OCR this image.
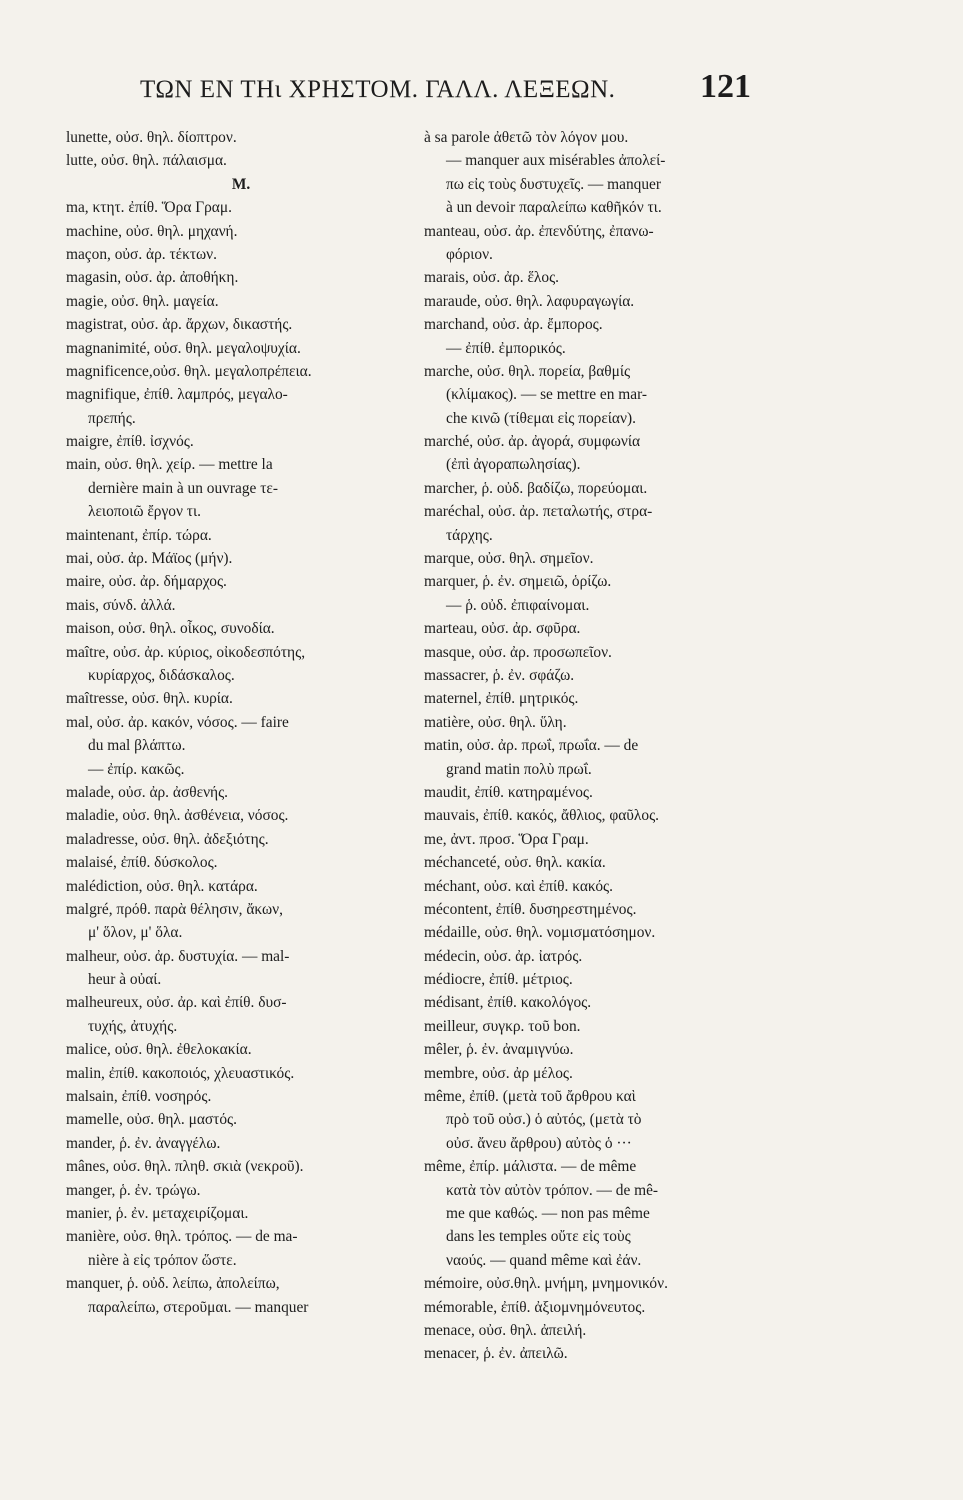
ΤΩΝ ΕΝ ΤΗι ΧΡΗΣΤΟΜ. ΓΑΛΛ. ΛΕΞΕΩΝ. 121
lunette, οὐσ. θηλ. δίοπτρον.
lutte, οὐσ. θηλ. πάλαισμα.
M.
ma, κτητ. ἐπίθ. Ὅρα Γραμ.
machine, οὐσ. θηλ. μηχανή.
maçon, οὐσ. ἀρ. τέκτων.
magasin, οὐσ. ἀρ. ἀποθήκη.
magie, οὐσ. θηλ. μαγεία.
magistrat, οὐσ. ἀρ. ἄρχων, δικαστής.
magnanimité, οὐσ. θηλ. μεγαλοψυχία.
magnificence,οὐσ. θηλ. μεγαλοπρέπεια.
magnifique, ἐπίθ. λαμπρός, μεγαλο-
πρεπής.
maigre, ἐπίθ. ἰσχνός.
main, οὐσ. θηλ. χείρ. — mettre la
dernière main à un ouvrage τε-
λειοποιῶ ἔργον τι.
maintenant, ἐπίρ. τώρα.
mai, οὐσ. ἀρ. Μάϊος (μήν).
maire, οὐσ. ἀρ. δήμαρχος.
mais, σύνδ. ἀλλά.
maison, οὐσ. θηλ. οἶκος, συνοδία.
maître, οὐσ. ἀρ. κύριος, οἰκοδεσπότης,
κυρίαρχος, διδάσκαλος.
maîtresse, οὐσ. θηλ. κυρία.
mal, οὐσ. ἀρ. κακόν, νόσος. — faire
du mal βλάπτω.
— ἐπίρ. κακῶς.
malade, οὐσ. ἀρ. ἀσθενής.
maladie, οὐσ. θηλ. ἀσθένεια, νόσος.
maladresse, οὐσ. θηλ. ἀδεξιότης.
malaisé, ἐπίθ. δύσκολος.
malédiction, οὐσ. θηλ. κατάρα.
malgré, πρόθ. παρὰ θέλησιν, ἄκων,
μ' ὅλον, μ' ὅλα.
malheur, οὐσ. ἀρ. δυστυχία. — mal-
heur à οὐαί.
malheureux, οὐσ. ἀρ. καὶ ἐπίθ. δυσ-
τυχής, ἀτυχής.
malice, οὐσ. θηλ. ἐθελοκακία.
malin, ἐπίθ. κακοποιός, χλευαστικός.
malsain, ἐπίθ. νοσηρός.
mamelle, οὐσ. θηλ. μαστός.
mander, ῥ. ἐν. ἀναγγέλω.
mânes, οὐσ. θηλ. πληθ. σκιὰ (νεκροῦ).
manger, ῥ. ἐν. τρώγω.
manier, ῥ. ἐν. μεταχειρίζομαι.
manière, οὐσ. θηλ. τρόπος. — de ma-
nière à εἰς τρόπον ὥστε.
manquer, ῥ. οὐδ. λείπω, ἀπολείπω,
παραλείπω, στεροῦμαι. — manquer
à sa parole ἀθετῶ τὸν λόγον μου.
— manquer aux misérables ἀπολεί-
πω εἰς τοὺς δυστυχεῖς. — manquer
à un devoir παραλείπω καθῆκόν τι.
manteau, οὐσ. ἀρ. ἐπενδύτης, ἐπανω-
φόριον.
marais, οὐσ. ἀρ. ἕλος.
maraude, οὐσ. θηλ. λαφυραγωγία.
marchand, οὐσ. ἀρ. ἔμπορος.
— ἐπίθ. ἐμπορικός.
marche, οὐσ. θηλ. πορεία, βαθμίς
(κλίμακος). — se mettre en mar-
che κινῶ (τίθεμαι εἰς πορείαν).
marché, οὐσ. ἀρ. ἀγορά, συμφωνία
(ἐπὶ ἀγοραπωλησίας).
marcher, ῥ. οὐδ. βαδίζω, πορεύομαι.
maréchal, οὐσ. ἀρ. πεταλωτής, στρα-
τάρχης.
marque, οὐσ. θηλ. σημεῖον.
marquer, ῥ. ἐν. σημειῶ, ὁρίζω.
— ῥ. οὐδ. ἐπιφαίνομαι.
marteau, οὐσ. ἀρ. σφῦρα.
masque, οὐσ. ἀρ. προσωπεῖον.
massacrer, ῥ. ἐν. σφάζω.
maternel, ἐπίθ. μητρικός.
matière, οὐσ. θηλ. ὕλη.
matin, οὐσ. ἀρ. πρωΐ, πρωΐα. — de
grand matin πολὺ πρωΐ.
maudit, ἐπίθ. κατηραμένος.
mauvais, ἐπίθ. κακός, ἄθλιος, φαῦλος.
me, ἀντ. προσ. Ὅρα Γραμ.
méchanceté, οὐσ. θηλ. κακία.
méchant, οὐσ. καὶ ἐπίθ. κακός.
mécontent, ἐπίθ. δυσηρεστημένος.
médaille, οὐσ. θηλ. νομισματόσημον.
médecin, οὐσ. ἀρ. ἰατρός.
médiocre, ἐπίθ. μέτριος.
médisant, ἐπίθ. κακολόγος.
meilleur, συγκρ. τοῦ bon.
mêler, ῥ. ἐν. ἀναμιγνύω.
membre, οὐσ. ἀρ μέλος.
même, ἐπίθ. (μετὰ τοῦ ἄρθρου καὶ
πρὸ τοῦ οὐσ.) ὁ αὐτός, (μετὰ τὸ
οὐσ. ἄνευ ἄρθρου) αὐτὸς ὁ ···
même, ἐπίρ. μάλιστα. — de même
κατὰ τὸν αὐτὸν τρόπον. — de mê-
me que καθώς. — non pas même
dans les temples οὔτε εἰς τοὺς
ναούς. — quand même καὶ ἐάν.
mémoire, οὐσ.θηλ. μνήμη, μνημονικόν.
mémorable, ἐπίθ. ἀξιομνημόνευτος.
menace, οὐσ. θηλ. ἀπειλή.
menacer, ῥ. ἐν. ἀπειλῶ.
